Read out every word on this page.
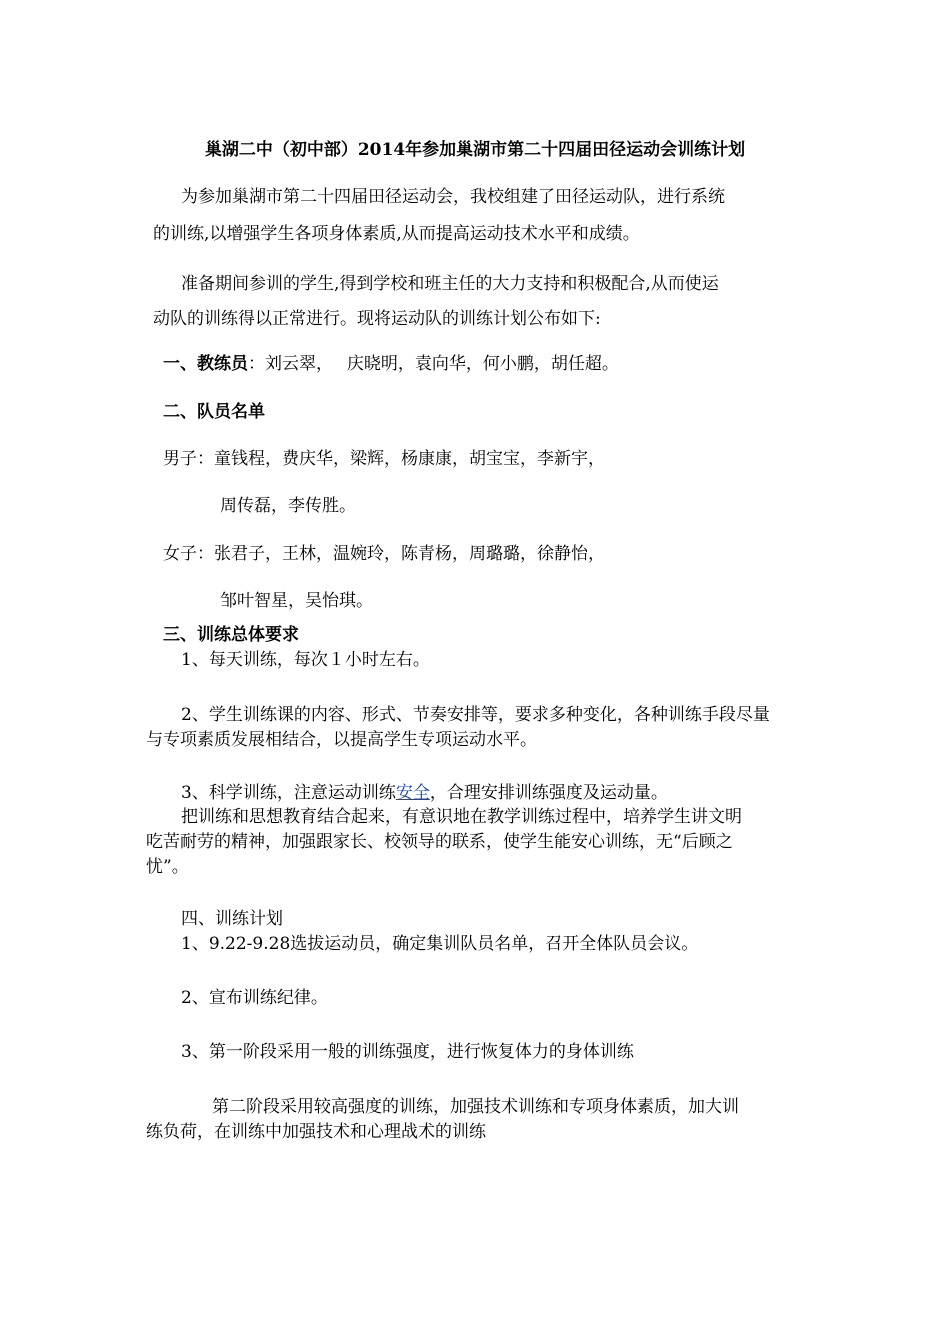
巢湖二中（初中部）2014年参加巢湖市第二十四届田径运动会训练计划

为参加巢湖市第二十四届田径运动会，我校组建了田径运动队，进行系统

的训练,以增强学生各项身体素质,从而提高运动技术水平和成绩。

准备期间参训的学生,得到学校和班主任的大力支持和积极配合,从而使运

动队的训练得以正常进行。现将运动队的训练计划公布如下:

一、教练员：刘云翠，　 庆晓明，袁向华，何小鹏，胡任超。

二、队员名单

男子：童钱程，费庆华，梁辉，杨康康，胡宝宝，李新宇，

周传磊，李传胜。

女子：张君子，王林，温婉玲，陈青杨，周璐璐，徐静怡，

邹叶智星，吴怡琪。

三、训练总体要求

1、每天训练，每次１小时左右。

2、学生训练课的内容、形式、节奏安排等，要求多种变化，各种训练手段尽量

与专项素质发展相结合，以提高学生专项运动水平。

3、科学训练，注意运动训练安全，合理安排训练强度及运动量。

把训练和思想教育结合起来，有意识地在教学训练过程中，培养学生讲文明

吃苦耐劳的精神，加强跟家长、校领导的联系，使学生能安心训练，无“后顾之

忧”。

四、训练计划

1、9.22-9.28选拔运动员，确定集训队员名单，召开全体队员会议。

2、宣布训练纪律。

3、第一阶段采用一般的训练强度，进行恢复体力的身体训练

第二阶段采用较高强度的训练，加强技术训练和专项身体素质，加大训

练负荷，在训练中加强技术和心理战术的训练
